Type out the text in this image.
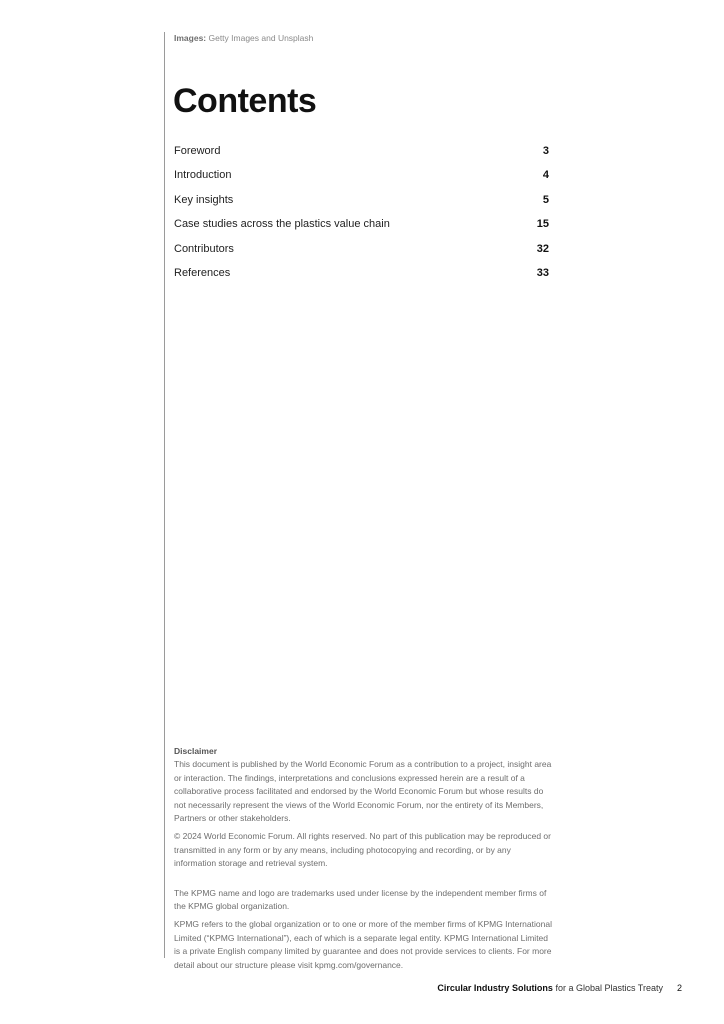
Images: Getty Images and Unsplash
Contents
Foreword	3
Introduction	4
Key insights	5
Case studies across the plastics value chain	15
Contributors	32
References	33

Disclaimer

This document is published by the World Economic Forum as a contribution to a project, insight area or interaction. The findings, interpretations and conclusions expressed herein are a result of a collaborative process facilitated and endorsed by the World Economic Forum but whose results do not necessarily represent the views of the World Economic Forum, nor the entirety of its Members, Partners or other stakeholders.

© 2024 World Economic Forum. All rights reserved. No part of this publication may be reproduced or transmitted in any form or by any means, including photocopying and recording, or by any information storage and retrieval system.

The KPMG name and logo are trademarks used under license by the independent member firms of the KPMG global organization.

KPMG refers to the global organization or to one or more of the member firms of KPMG International Limited (“KPMG International”), each of which is a separate legal entity. KPMG International Limited is a private English company limited by guarantee and does not provide services to clients. For more detail about our structure please visit kpmg.com/governance.

Circular Industry Solutions for a Global Plastics Treaty 2
